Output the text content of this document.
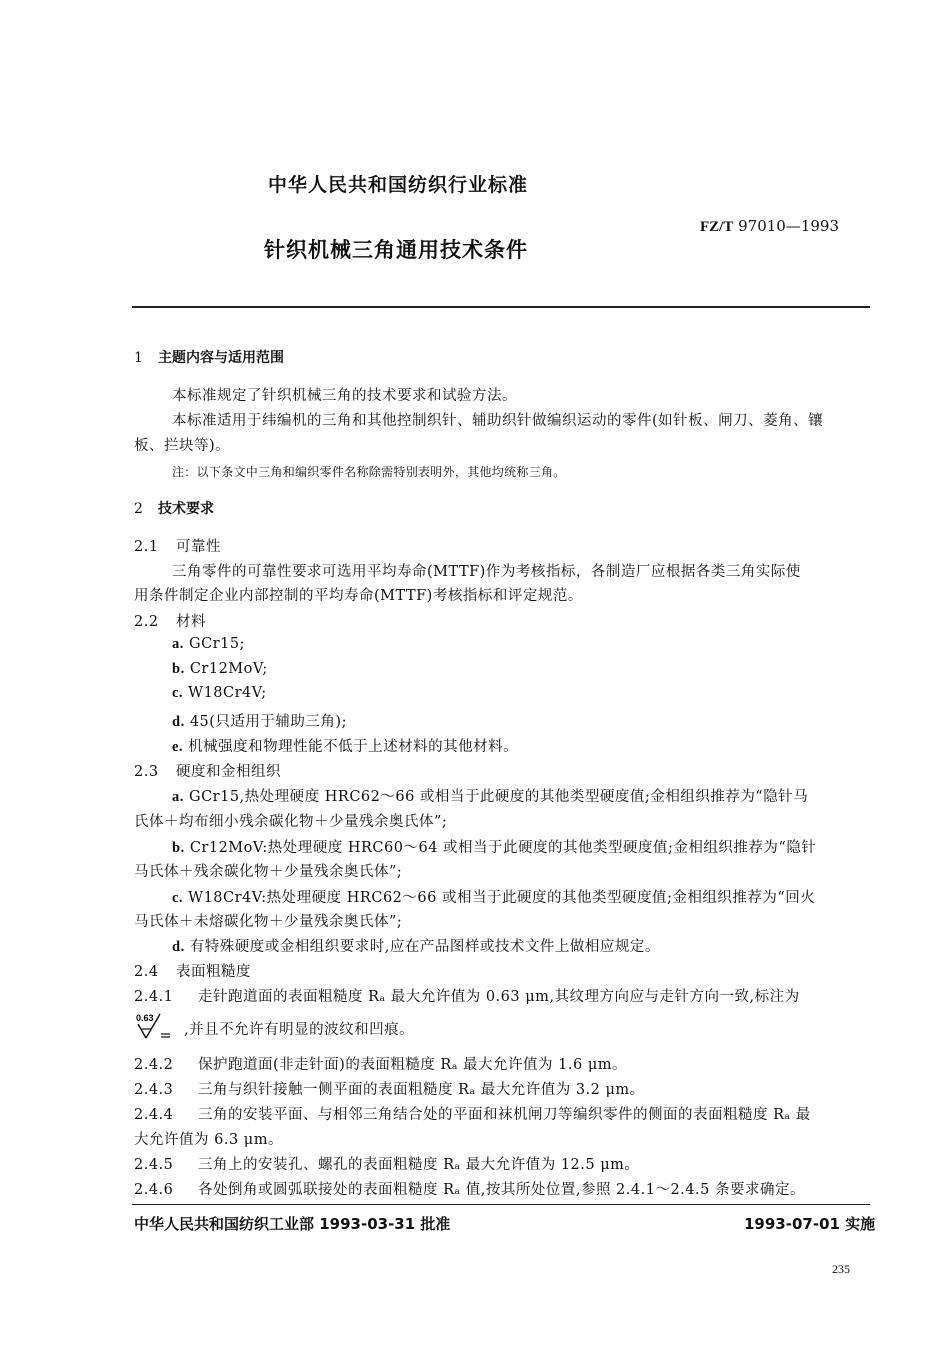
中华人民共和国纺织行业标准
FZ/T 97010—1993
针织机械三角通用技术条件
1 主题内容与适用范围
本标准规定了针织机械三角的技术要求和试验方法。
本标准适用于纬编机的三角和其他控制织针、辅助织针做编织运动的零件(如针板、闸刀、菱角、镶
板、拦块等)。
注：以下条文中三角和编织零件名称除需特别表明外，其他均统称三角。
2 技术要求
2.1 可靠性
三角零件的可靠性要求可选用平均寿命(MTTF)作为考核指标，各制造厂应根据各类三角实际使
用条件制定企业内部控制的平均寿命(MTTF)考核指标和评定规范。
2.2 材料
a. GCr15;
b. Cr12MoV;
c. W18Cr4V;
d. 45(只适用于辅助三角);
e. 机械强度和物理性能不低于上述材料的其他材料。
2.3 硬度和金相组织
a. GCr15,热处理硬度 HRC62～66 或相当于此硬度的其他类型硬度值;金相组织推荐为“隐针马
氏体＋均布细小残余碳化物＋少量残余奥氏体”;
b. Cr12MoV:热处理硬度 HRC60～64 或相当于此硬度的其他类型硬度值;金相组织推荐为“隐针
马氏体＋残余碳化物＋少量残余奥氏体”;
c. W18Cr4V:热处理硬度 HRC62～66 或相当于此硬度的其他类型硬度值;金相组织推荐为“回火
马氏体＋未熔碳化物＋少量残余奥氏体”;
d. 有特殊硬度或金相组织要求时,应在产品图样或技术文件上做相应规定。
2.4 表面粗糙度
2.4.1 走针跑道面的表面粗糙度 Rₐ 最大允许值为 0.63 μm,其纹理方向应与走针方向一致,标注为
0.63
,并且不允许有明显的波纹和凹痕。
2.4.2 保护跑道面(非走针面)的表面粗糙度 Rₐ 最大允许值为 1.6 μm。
2.4.3 三角与织针接触一侧平面的表面粗糙度 Rₐ 最大允许值为 3.2 μm。
2.4.4 三角的安装平面、与相邻三角结合处的平面和袜机闸刀等编织零件的侧面的表面粗糙度 Rₐ 最
大允许值为 6.3 μm。
2.4.5 三角上的安装孔、螺孔的表面粗糙度 Rₐ 最大允许值为 12.5 μm。
2.4.6 各处倒角或圆弧联接处的表面粗糙度 Rₐ 值,按其所处位置,参照 2.4.1～2.4.5 条要求确定。
中华人民共和国纺织工业部 1993-03-31 批准	1993-07-01 实施
235
